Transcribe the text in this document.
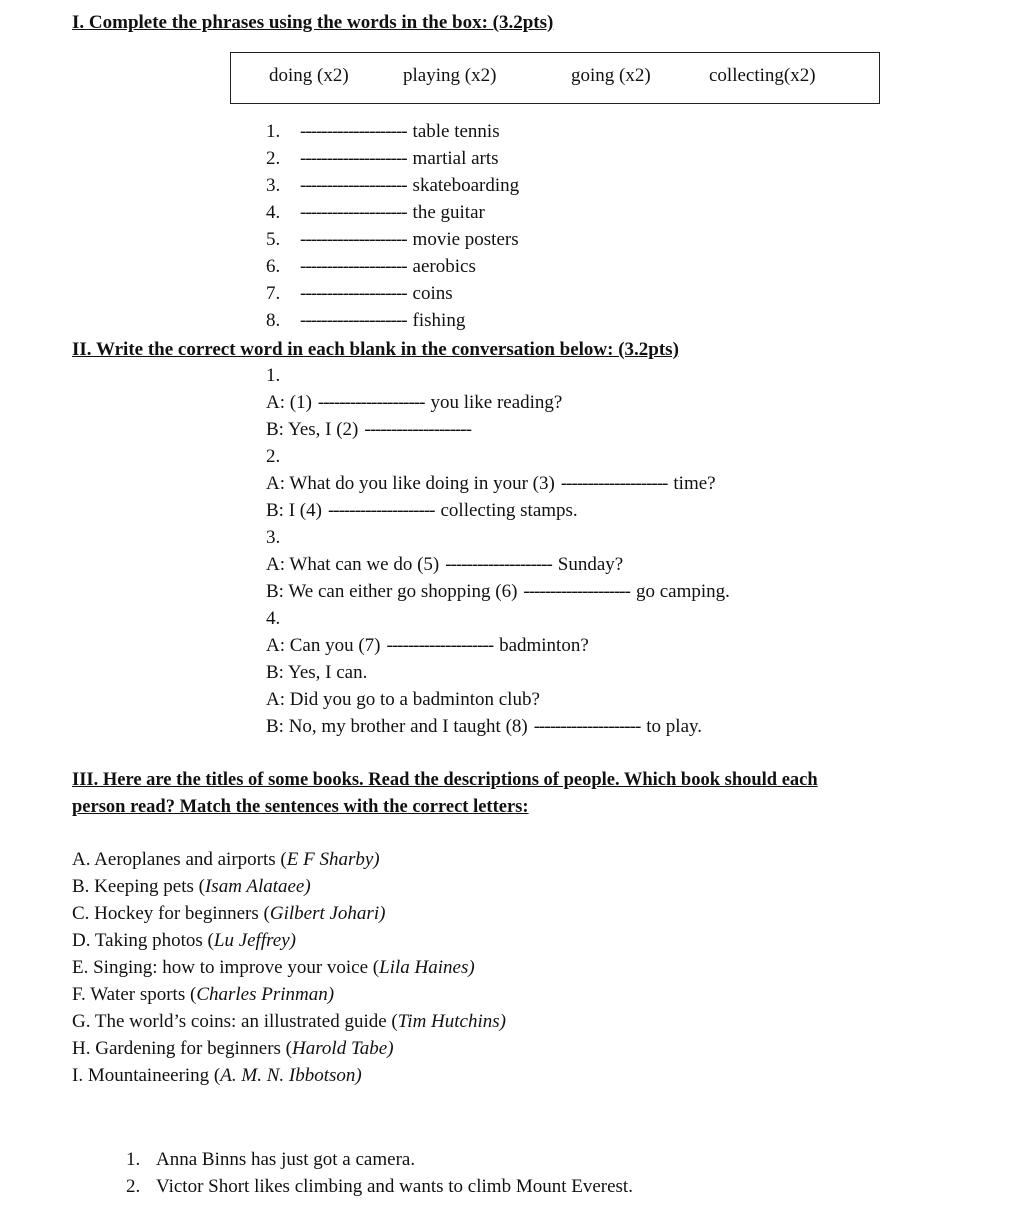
I. Complete the phrases using the words in the box: (3.2pts)
doing (x2)	playing (x2)	going (x2)	collecting(x2)
1. -------------------- table tennis
2. -------------------- martial arts
3. -------------------- skateboarding
4. -------------------- the guitar
5. -------------------- movie posters
6. -------------------- aerobics
7. -------------------- coins
8. -------------------- fishing
II. Write the correct word in each blank in the conversation below: (3.2pts)
1.
A: (1) -------------------- you like reading?
B: Yes, I (2) --------------------
2.
A: What do you like doing in your (3) -------------------- time?
B: I (4) -------------------- collecting stamps.
3.
A: What can we do (5) -------------------- Sunday?
B: We can either go shopping (6) -------------------- go camping.
4.
A: Can you (7) -------------------- badminton?
B: Yes, I can.
A: Did you go to a badminton club?
B: No, my brother and I taught (8) -------------------- to play.
III. Here are the titles of some books. Read the descriptions of people. Which book should each
person read? Match the sentences with the correct letters:
A. Aeroplanes and airports (E F Sharby)
B. Keeping pets (Isam Alataee)
C. Hockey for beginners (Gilbert Johari)
D. Taking photos (Lu Jeffrey)
E. Singing: how to improve your voice (Lila Haines)
F. Water sports (Charles Prinman)
G. The world’s coins: an illustrated guide (Tim Hutchins)
H. Gardening for beginners (Harold Tabe)
I. Mountaineering (A. M. N. Ibbotson)
1. Anna Binns has just got a camera.
2. Victor Short likes climbing and wants to climb Mount Everest.
